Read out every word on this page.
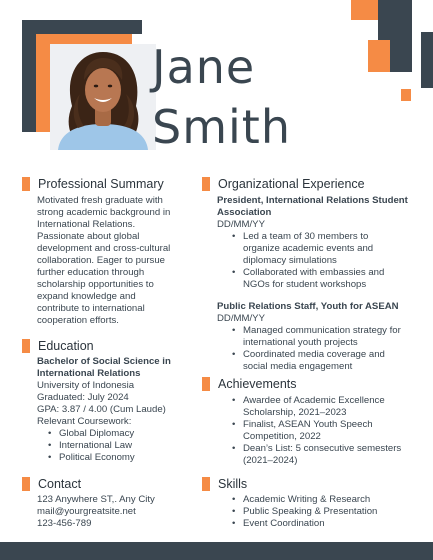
Jane
Smith
Professional Summary
Motivated fresh graduate with
strong academic background in
International Relations.
Passionate about global
development and cross-cultural
collaboration. Eager to pursue
further education through
scholarship opportunities to
expand knowledge and
contribute to international
cooperation efforts.
Education
Bachelor of Social Science in
International Relations
University of Indonesia
Graduated: July 2024
GPA: 3.87 / 4.00 (Cum Laude)
Relevant Coursework:
• Global Diplomacy
• International Law
• Political Economy
Contact
123 Anywhere ST,. Any City
mail@yourgreatsite.net
123-456-789
Organizational Experience
President, International Relations Student
Association
DD/MM/YY
• Led a team of 30 members to
organize academic events and
diplomacy simulations
• Collaborated with embassies and
NGOs for student workshops
Public Relations Staff, Youth for ASEAN
DD/MM/YY
• Managed communication strategy for
international youth projects
• Coordinated media coverage and
social media engagement
Achievements
• Awardee of Academic Excellence
Scholarship, 2021–2023
• Finalist, ASEAN Youth Speech
Competition, 2022
• Dean’s List: 5 consecutive semesters
(2021–2024)
Skills
• Academic Writing & Research
• Public Speaking & Presentation
• Event Coordination
